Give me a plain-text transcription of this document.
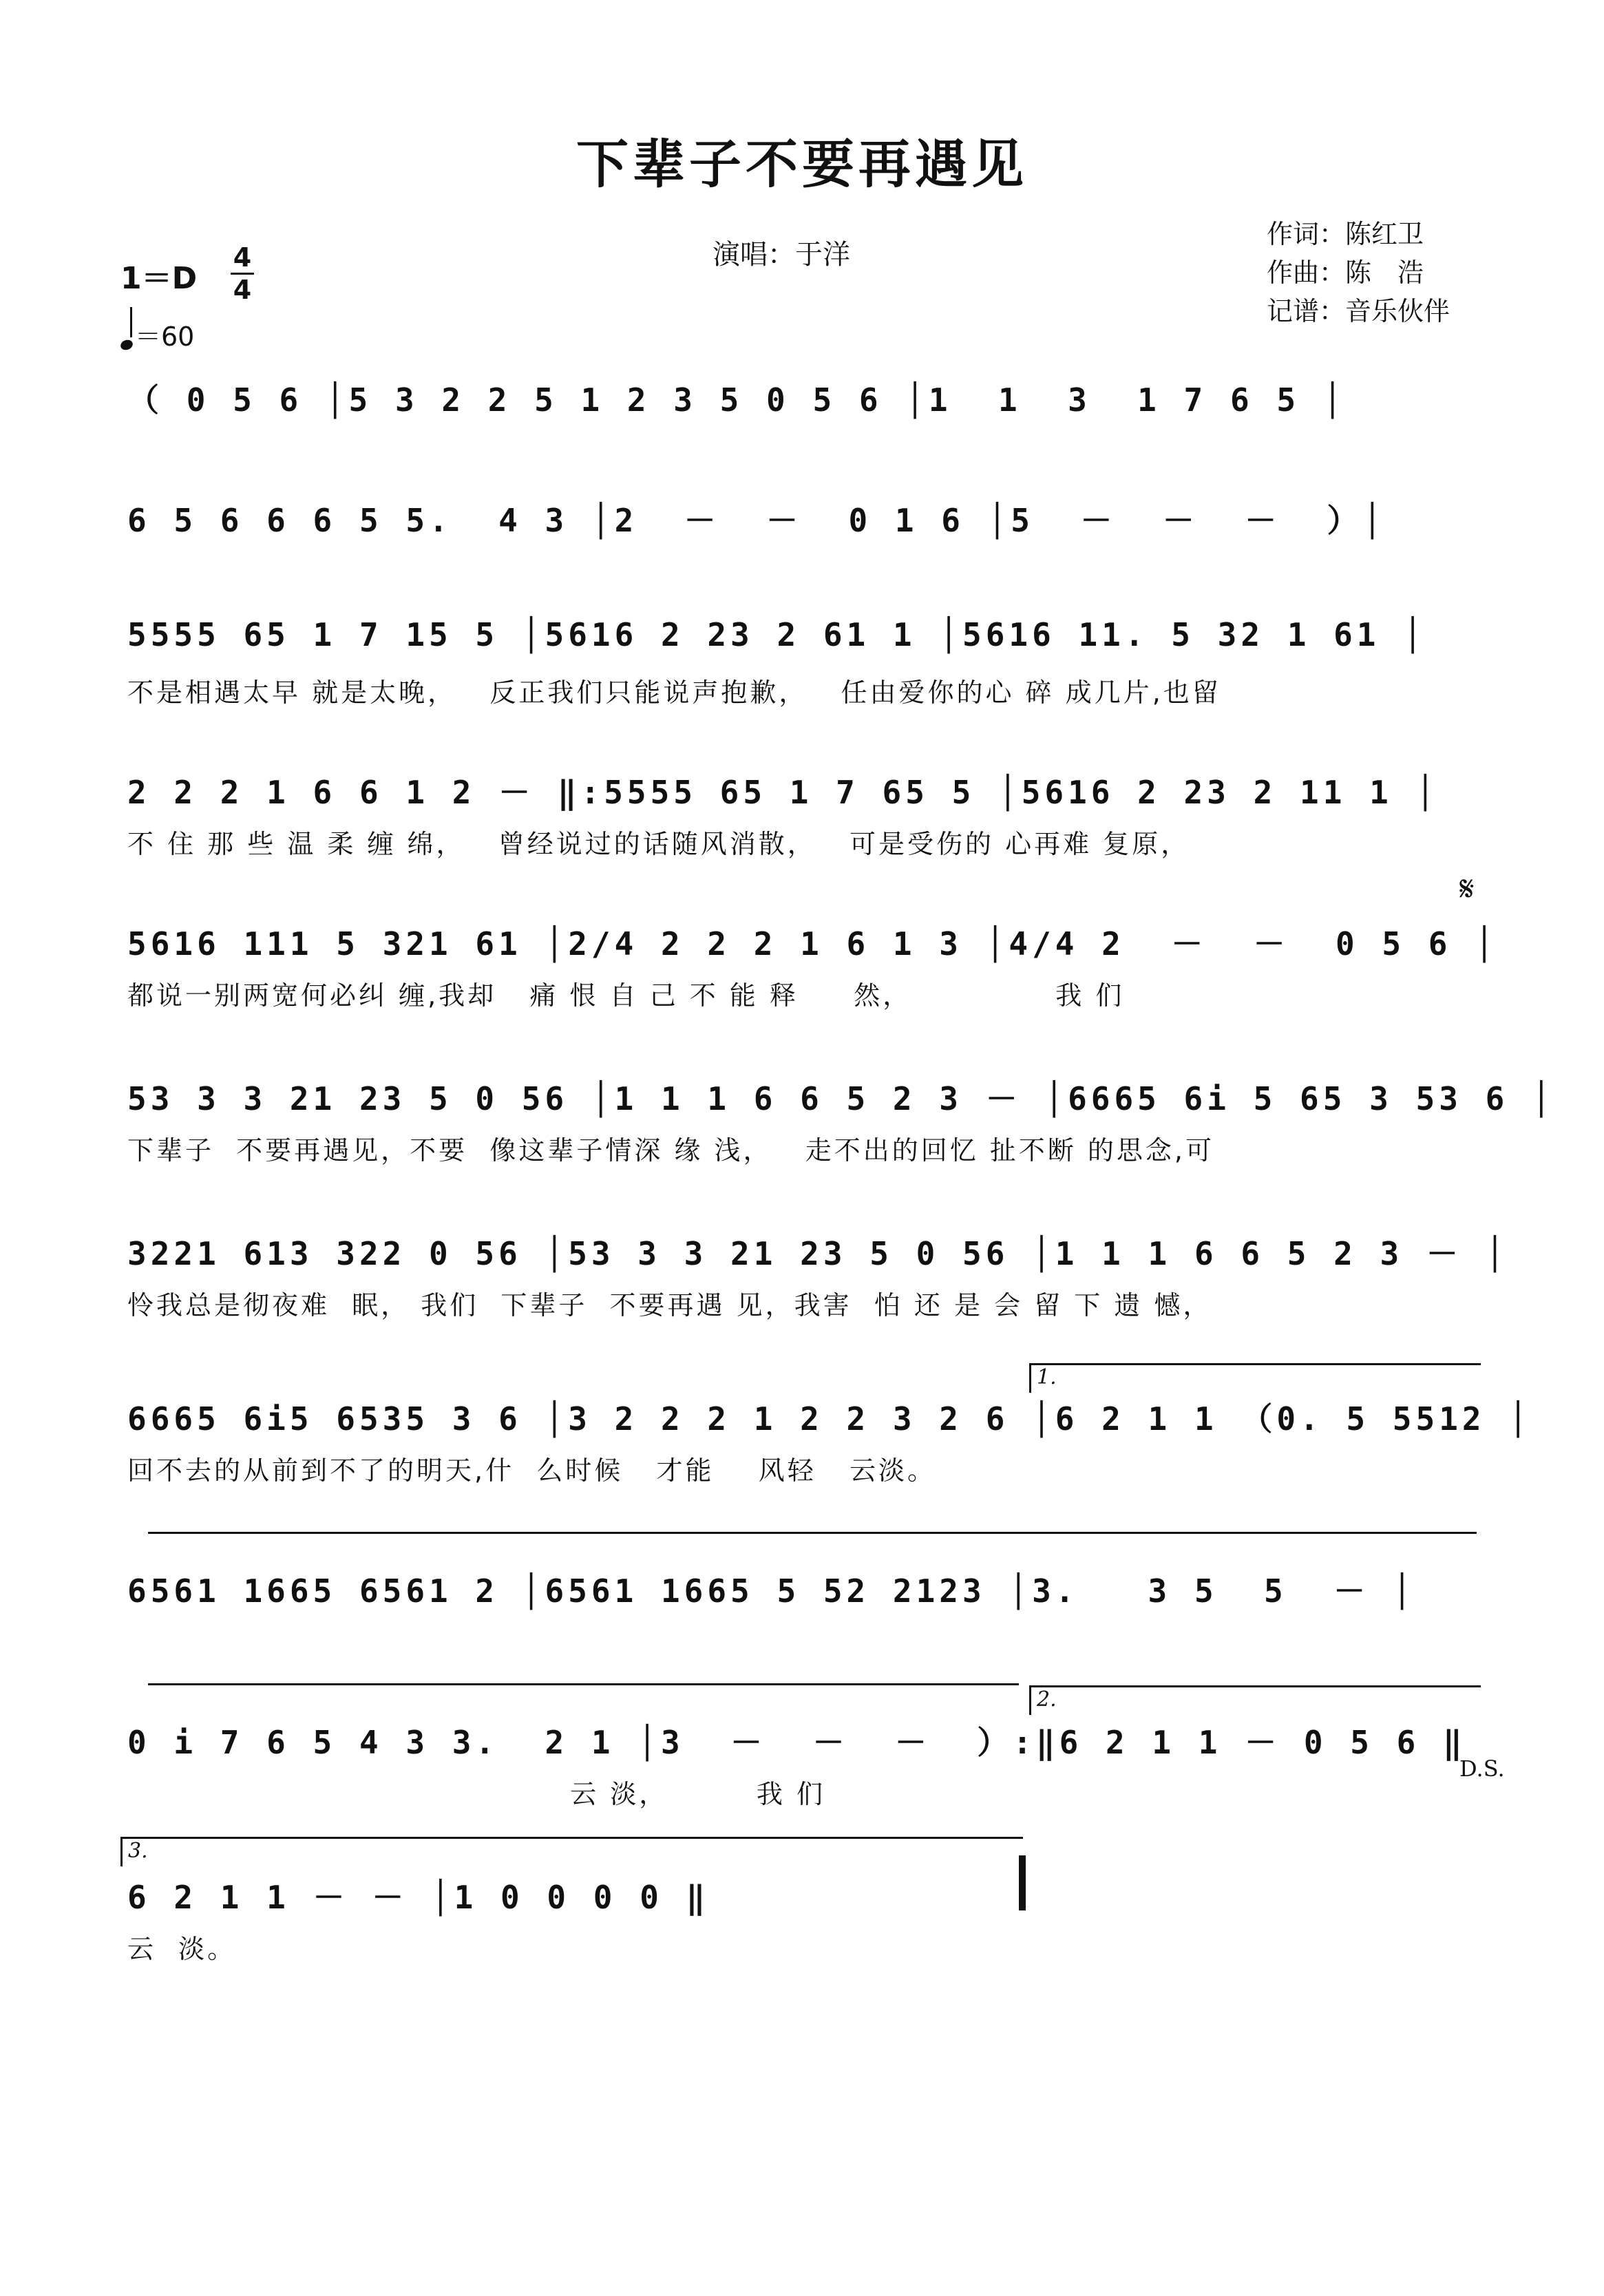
下辈子不要再遇见
演唱：于洋
作词：陈红卫
作曲：陈　浩
记谱：音乐伙伴
1＝D
4
4
＝60
𝄋
（ 0 5 6 │5 3 2 2 5 1 2 3 5 0 5 6 │1  1  3  1 7 6 5 │
6 5 6 6 6 5 5.  4 3 │2  －  －  0 1 6 │5  －  －  －  ）│
5555 65 1 7 15 5 │5616 2 23 2 61 1 │5616 11. 5 32 1 61 │
不是相遇太早 就是太晚，   反正我们只能说声抱歉，   任由爱你的心 碎 成几片,也留
2 2 2 1 6 6 1 2 － ‖:5555 65 1 7 65 5 │5616 2 23 2 11 1 │
不 住 那 些 温 柔 缠 绵，   曾经说过的话随风消散，   可是受伤的 心再难 复原，
5616 111 5 321 61 │2/4 2 2 2 1 6 1 3 │4/4 2  －  －  0 5 6 │
都说一别两宽何必纠 缠,我却   痛 恨 自 己 不 能 释     然，             我 们
53 3 3 21 23 5 0 56 │1 1 1 6 6 5 2 3 － │6665 6i 5 65 3 53 6 │
下辈子  不要再遇见，不要  像这辈子情深 缘 浅，   走不出的回忆 扯不断 的思念,可
3221 613 322 0 56 │53 3 3 21 23 5 0 56 │1 1 1 6 6 5 2 3 － │
怜我总是彻夜难  眠， 我们  下辈子  不要再遇 见，我害  怕 还 是 会 留 下 遗 憾，
1.
6665 6i5 6535 3 6 │3 2 2 2 1 2 2 3 2 6 │6 2 1 1 （0. 5 5512 │
回不去的从前到不了的明天,什  么时候   才能    风轻   云淡。
6561 1665 6561 2 │6561 1665 5 52 2123 │3.   3 5  5  － │
2.
0 i 7 6 5 4 3 3.  2 1 │3  －  －  －  ）:‖6 2 1 1 － 0 5 6 ‖
云 淡，        我 们
D.S.
3.
6 2 1 1 － － │1 0 0 0 0 ‖
云  淡。
